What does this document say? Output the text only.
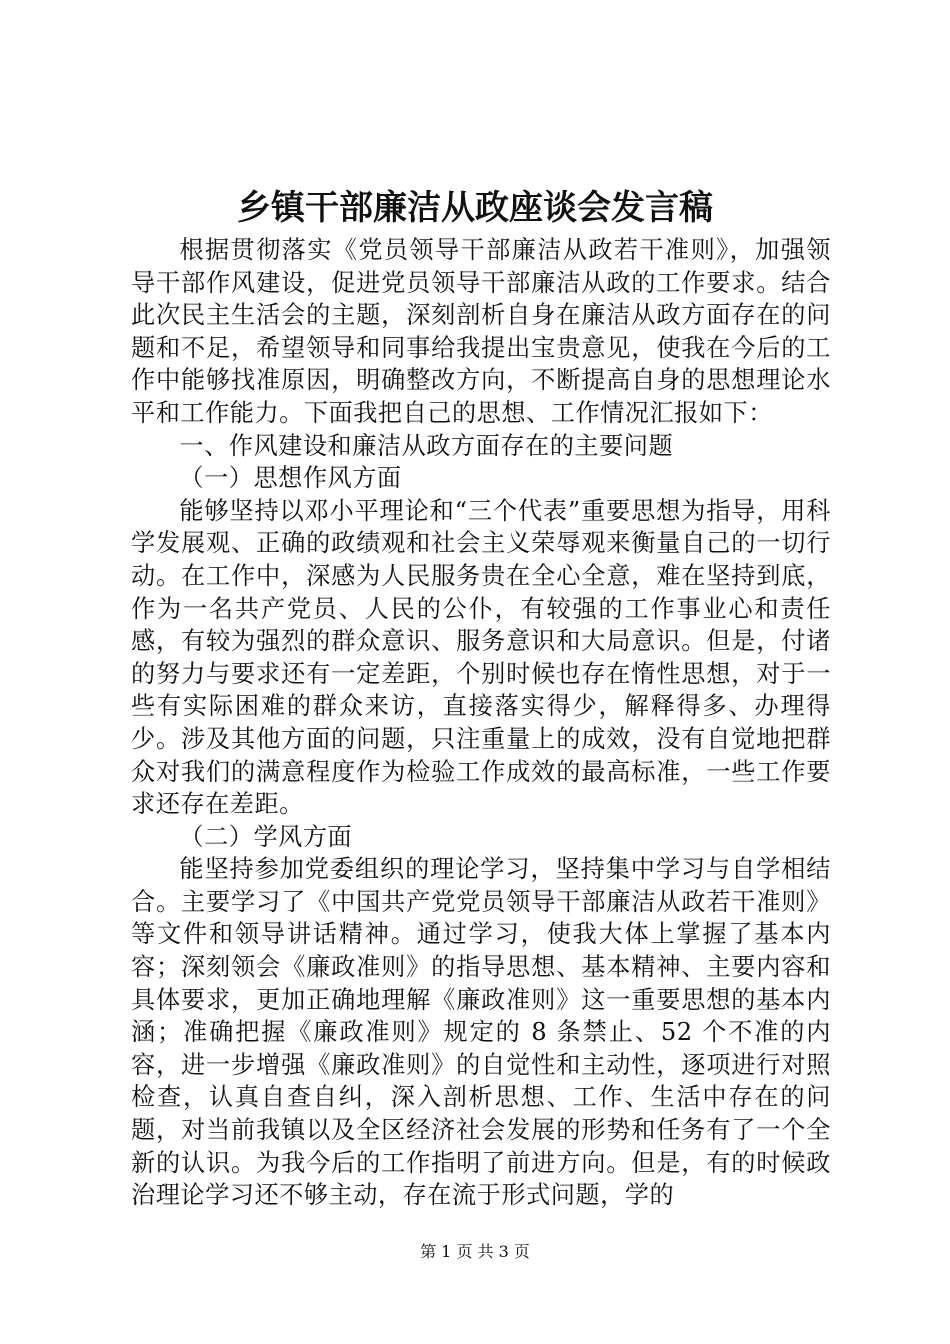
乡镇干部廉洁从政座谈会发言稿

根据贯彻落实《党员领导干部廉洁从政若干准则》，加强领导干部作风建设，促进党员领导干部廉洁从政的工作要求。结合此次民主生活会的主题，深刻剖析自身在廉洁从政方面存在的问题和不足，希望领导和同事给我提出宝贵意见，使我在今后的工作中能够找准原因，明确整改方向，不断提高自身的思想理论水平和工作能力。下面我把自己的思想、工作情况汇报如下：

一、作风建设和廉洁从政方面存在的主要问题

（一）思想作风方面

能够坚持以邓小平理论和“三个代表”重要思想为指导，用科学发展观、正确的政绩观和社会主义荣辱观来衡量自己的一切行动。在工作中，深感为人民服务贵在全心全意，难在坚持到底，作为一名共产党员、人民的公仆，有较强的工作事业心和责任感，有较为强烈的群众意识、服务意识和大局意识。但是，付诸的努力与要求还有一定差距，个别时候也存在惰性思想，对于一些有实际困难的群众来访，直接落实得少，解释得多、办理得少。涉及其他方面的问题，只注重量上的成效，没有自觉地把群众对我们的满意程度作为检验工作成效的最高标准，一些工作要求还存在差距。

（二）学风方面

能坚持参加党委组织的理论学习，坚持集中学习与自学相结合。主要学习了《中国共产党党员领导干部廉洁从政若干准则》等文件和领导讲话精神。通过学习，使我大体上掌握了基本内容；深刻领会《廉政准则》的指导思想、基本精神、主要内容和具体要求，更加正确地理解《廉政准则》这一重要思想的基本内涵；准确把握《廉政准则》规定的 8 条禁止、52 个不准的内容，进一步增强《廉政准则》的自觉性和主动性，逐项进行对照检查，认真自查自纠，深入剖析思想、工作、生活中存在的问题，对当前我镇以及全区经济社会发展的形势和任务有了一个全新的认识。为我今后的工作指明了前进方向。但是，有的时候政治理论学习还不够主动，存在流于形式问题，学的

第 1 页 共 3 页
